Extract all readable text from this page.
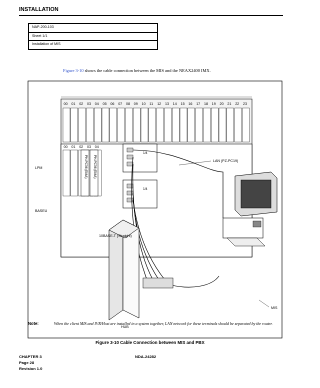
INSTALLATION
NAP-200-103
Sheet 1/1
Installation of MIS
Figure 3-10 shows the cable connection between the MIS and the NEAX2400 IMX.
00 01 02 03 04 05 06 07 08 09 10 11 12 13 14 15 16 17 18 19 20 21 22 23
00 01 02 03 04
PH-PC36 (EMA) PH-PC36 (EMA)
1/4
1/4
LPM
BASEU
LAN (PZ-PC19)
10BASE-T (Straight)
HUB
MIS
Note:	When the client MIS and IVR/Host are installed in a system together, LAN network for these terminals should be separated by the router.
Figure 3-10 Cable Connection between MIS and PBX
CHAPTER 3
Page 28
Revision 1.0
NDA-24282
